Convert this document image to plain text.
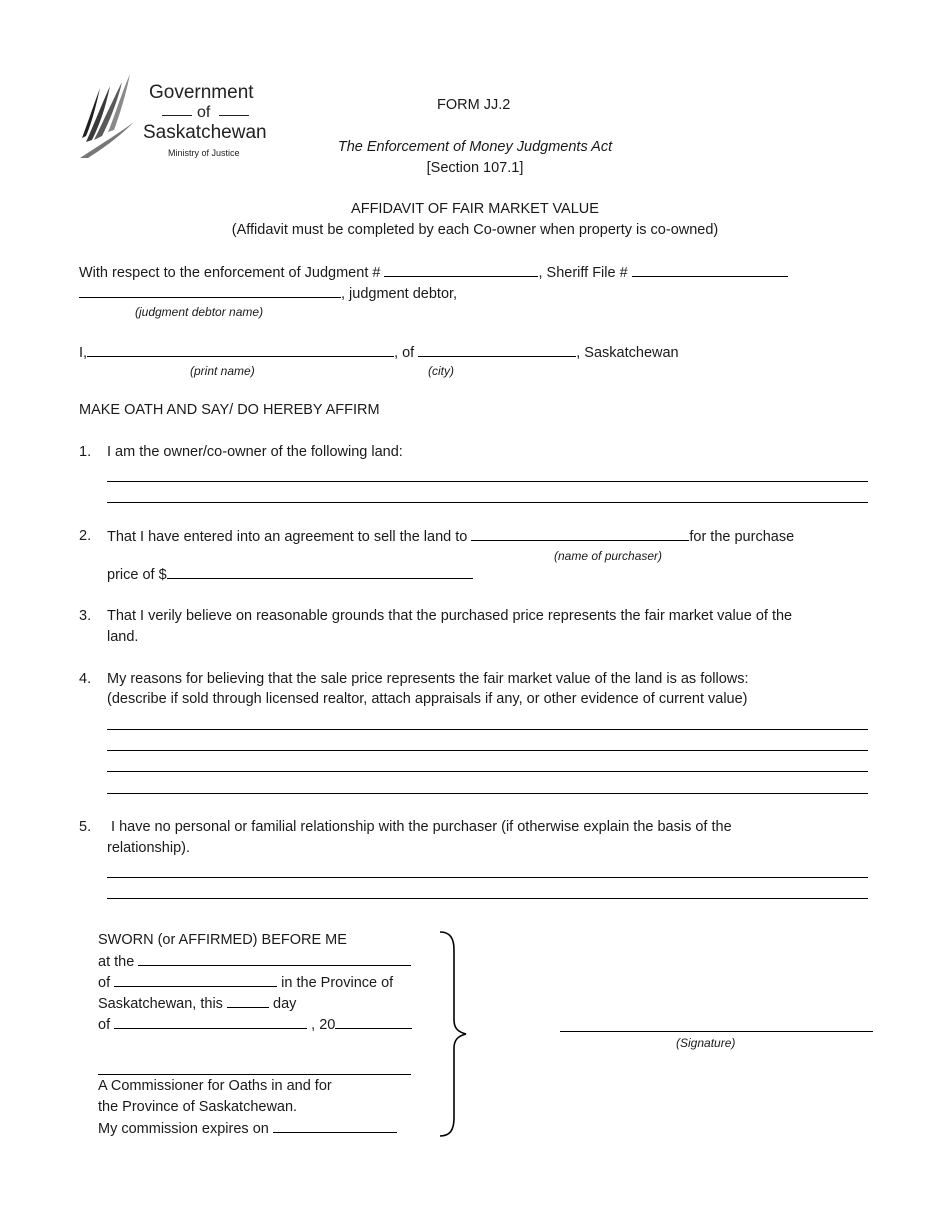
Government
of
Saskatchewan
Ministry of Justice
FORM JJ.2
The Enforcement of Money Judgments Act
[Section 107.1]
AFFIDAVIT OF FAIR MARKET VALUE
(Affidavit must be completed by each Co-owner when property is co-owned)
With respect to the enforcement of Judgment #	, Sheriff File #
, judgment debtor,
(judgment debtor name)
I,	, of	, Saskatchewan
(print name)	(city)
MAKE OATH AND SAY/ DO HEREBY AFFIRM
1. I am the owner/co-owner of the following land:
2. That I have entered into an agreement to sell the land to	for the purchase
(name of purchaser)
price of $
3. That I verily believe on reasonable grounds that the purchased price represents the fair market value of the
land.
4. My reasons for believing that the sale price represents the fair market value of the land is as follows:
(describe if sold through licensed realtor, attach appraisals if any, or other evidence of current value)
5. I have no personal or familial relationship with the purchaser (if otherwise explain the basis of the
relationship).
SWORN (or AFFIRMED) BEFORE ME
at the
of	in the Province of
Saskatchewan, this	day
of	, 20
A Commissioner for Oaths in and for
the Province of Saskatchewan.
My commission expires on
(Signature)
